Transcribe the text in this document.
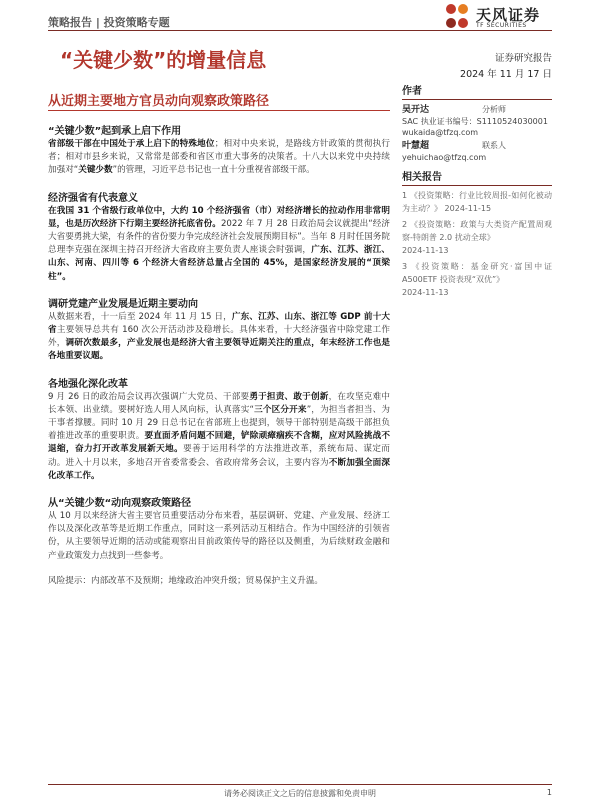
策略报告 | 投资策略专题	天风证券
TF SECURITIES
“关键少数”的增量信息	证券研究报告
2024 年 11 月 17 日
从近期主要地方官员动向观察政策路径
作者
吴开达	分析师
SAC 执业证书编号：S1110524030001
wukaida@tfzq.com
叶慧超	联系人
yehuichao@tfzq.com
相关报告
1 《投资策略：行业比较周报-如何化被动为主动？》 2024-11-15
2 《投资策略：政策与大类资产配置周观察-特朗普 2.0 扰动全球》
2024-11-13
3 《投资策略：基金研究·富国中证A500ETF 投资表现“双优”》
2024-11-13
“关键少数”起到承上启下作用

省部级干部在中国处于承上启下的特殊地位；相对中央来说，是路线方针政策的贯彻执行者；相对市县乡来说，又常常是部委和省区市重大事务的决策者。十八大以来党中央持续加强对“关键少数”的管理，习近平总书记也一直十分重视省部级干部。

经济强省有代表意义

在我国 31 个省级行政单位中，大约 10 个经济强省（市）对经济增长的拉动作用非常明显，也是历次经济下行期主要经济托底省份。2022 年 7 月 28 日政治局会议就提出“经济大省要勇挑大梁，有条件的省份要力争完成经济社会发展预期目标”。当年 8 月时任国务院总理李克强在深圳主持召开经济大省政府主要负责人座谈会时强调，广东、江苏、浙江、山东、河南、四川等 6 个经济大省经济总量占全国的 45%，是国家经济发展的“顶梁柱”。

调研党建产业发展是近期主要动向

从数据来看，十一后至 2024 年 11 月 15 日，广东、江苏、山东、浙江等 GDP 前十大省主要领导总共有 160 次公开活动涉及稳增长。具体来看，十大经济强省中除党建工作外，调研次数最多，产业发展也是经济大省主要领导近期关注的重点，年末经济工作也是各地重要议题。

各地强化深化改革

9 月 26 日的政治局会议再次强调广大党员、干部要勇于担责、敢于创新，在攻坚克难中长本领、出业绩。要树好选人用人风向标，认真落实“三个区分开来”，为担当者担当、为干事者撑腰。同时 10 月 29 日总书记在省部班上也提到，领导干部特别是高级干部担负着推进改革的重要职责。要直面矛盾问题不回避，铲除顽瘴痼疾不含糊，应对风险挑战不退缩，奋力打开改革发展新天地。要善于运用科学的方法推进改革，系统布局、谋定而动。进入十月以来，多地召开省委常委会、省政府常务会议，主要内容为不断加强全面深化改革工作。

从“关键少数“动向观察政策路径

从 10 月以来经济大省主要官员重要活动分布来看，基层调研、党建、产业发展、经济工作以及深化改革等是近期工作重点，同时这一系列活动互相结合。作为中国经济的引领省份，从主要领导近期的活动或能观察出目前政策传导的路径以及侧重，为后续财政金融和产业政策发力点找到一些参考。

风险提示：内部改革不及预期；地缘政治冲突升级；贸易保护主义升温。
请务必阅读正文之后的信息披露和免责申明	1
